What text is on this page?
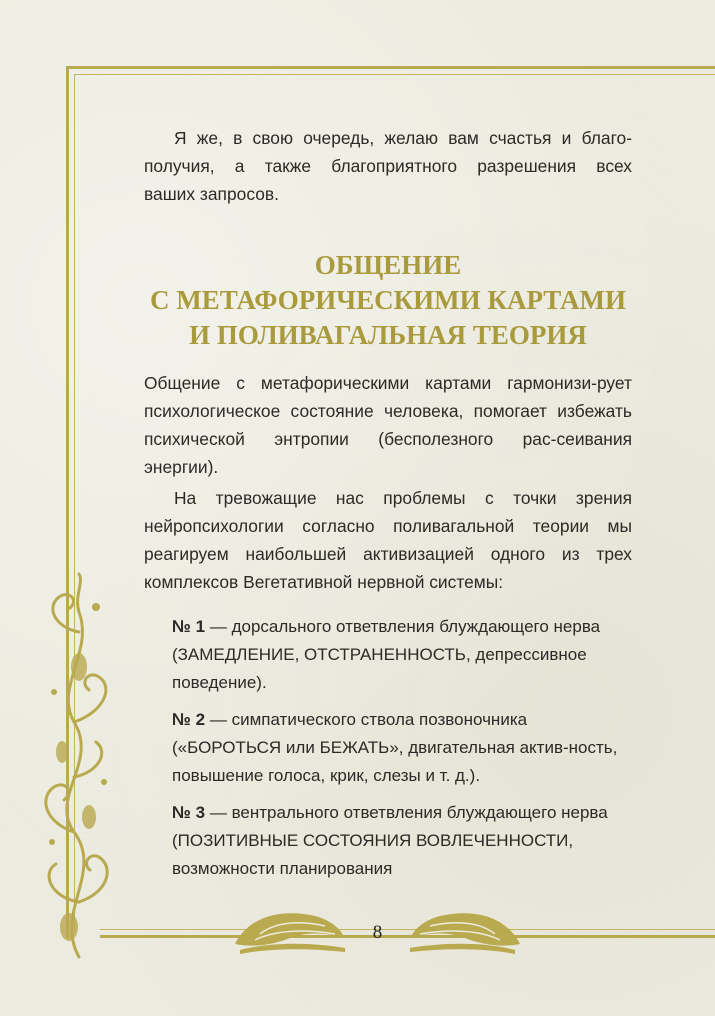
Я же, в свою очередь, желаю вам счастья и благо-
получия, а также благоприятного разрешения всех
ваших запросов.
ОБЩЕНИЕ
С МЕТАФОРИЧЕСКИМИ КАРТАМИ
И ПОЛИВАГАЛЬНАЯ ТЕОРИЯ

Общение с метафорическими картами гармонизи-рует психологическое состояние человека, помогает избежать психической энтропии (бесполезного рас-сеивания энергии).

На тревожащие нас проблемы с точки зрения нейропсихологии согласно поливагальной теории мы реагируем наибольшей активизацией одного из трех комплексов Вегетативной нервной системы:

№ 1 — дорсального ответвления блуждающего нерва (ЗАМЕДЛЕНИЕ, ОТСТРАНЕННОСТЬ, депрессивное поведение).

№ 2 — симпатического ствола позвоночника («БОРОТЬСЯ или БЕЖАТЬ», двигательная актив-ность, повышение голоса, крик, слезы и т. д.).

№ 3 — вентрального ответвления блуждающего нерва (ПОЗИТИВНЫЕ СОСТОЯНИЯ ВОВЛЕЧЕННОСТИ, возможности планирования

8
